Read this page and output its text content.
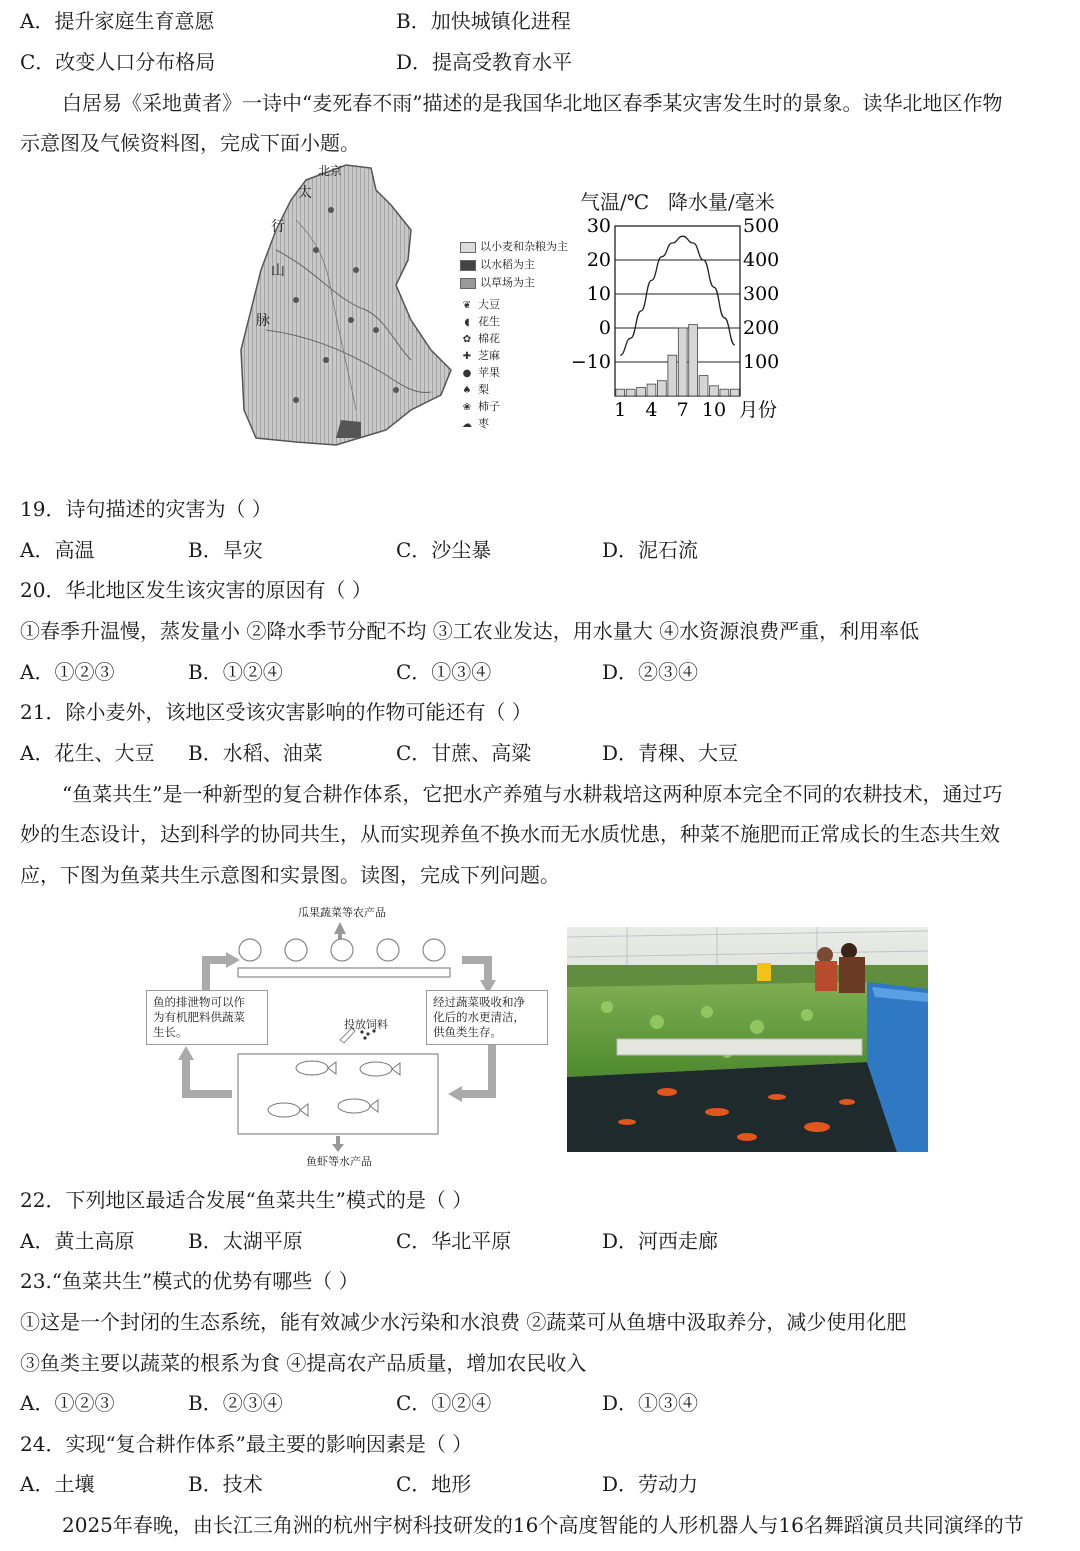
A．提升家庭生育意愿	B．加快城镇化进程
C．改变人口分布格局	D．提高受教育水平
白居易《采地黄者》一诗中“麦死春不雨”描述的是我国华北地区春季某灾害发生时的景象。读华北地区作物
示意图及气候资料图，完成下面小题。
北京
太
行
山
脉
以小麦和杂粮为主
以水稻为主
以草场为主
❦ 大豆
◖ 花生
✿ 棉花
✚ 芝麻
● 苹果
♠ 梨
❀ 柿子
☁ 枣
气温/℃ 降水量/毫米
30
20
10
0
−10
500
400
300
200
100
1 4 7 10 月份
19．诗句描述的灾害为（ ）
A．高温	B．旱灾	C．沙尘暴	D．泥石流
20．华北地区发生该灾害的原因有（ ）
①春季升温慢，蒸发量小 ②降水季节分配不均 ③工农业发达，用水量大 ④水资源浪费严重，利用率低
A．①②③	B．①②④	C．①③④	D．②③④
21．除小麦外，该地区受该灾害影响的作物可能还有（ ）
A．花生、大豆 B．水稻、油菜	C．甘蔗、高粱	D．青稞、大豆
“鱼菜共生”是一种新型的复合耕作体系，它把水产养殖与水耕栽培这两种原本完全不同的农耕技术，通过巧
妙的生态设计，达到科学的协同共生，从而实现养鱼不换水而无水质忧患，种菜不施肥而正常成长的生态共生效
应，下图为鱼菜共生示意图和实景图。读图，完成下列问题。
瓜果蔬菜等农产品
鱼的排泄物可以作
为有机肥料供蔬菜
生长。
经过蔬菜吸收和净
化后的水更清洁，
供鱼类生存。
投放饲料
鱼虾等水产品
22．下列地区最适合发展“鱼菜共生”模式的是（ ）
A．黄土高原	B．太湖平原	C．华北平原	D．河西走廊
23.“鱼菜共生”模式的优势有哪些（ ）
①这是一个封闭的生态系统，能有效减少水污染和水浪费 ②蔬菜可从鱼塘中汲取养分，减少使用化肥
③鱼类主要以蔬菜的根系为食 ④提高农产品质量，增加农民收入
A．①②③	B．②③④	C．①②④	D．①③④
24．实现“复合耕作体系”最主要的影响因素是（ ）
A．土壤	B．技术	C．地形	D．劳动力
2025年春晚，由长江三角洲的杭州宇树科技研发的16个高度智能的人形机器人与16名舞蹈演员共同演绎的节
